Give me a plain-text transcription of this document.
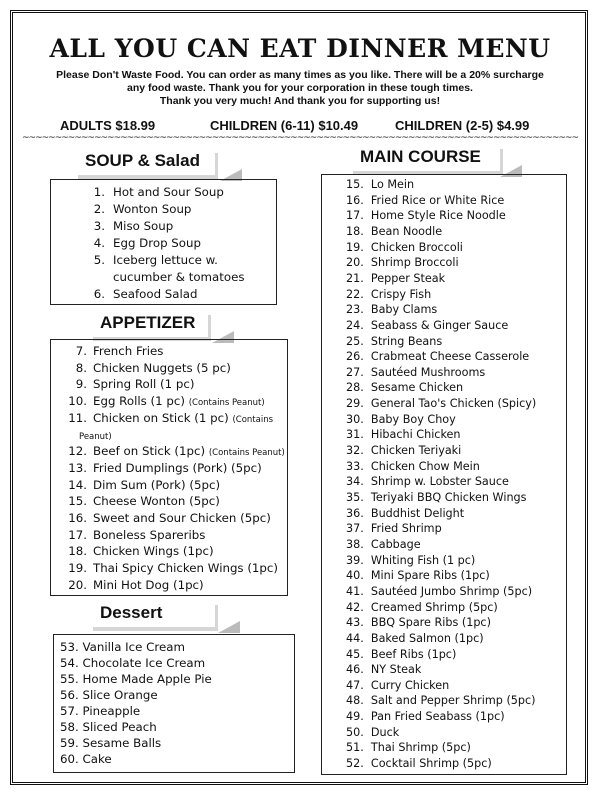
ALL YOU CAN EAT DINNER MENU
Please Don't Waste Food. You can order as many times as you like. There will be a 20% surcharge
any food waste. Thank you for your corporation in these tough times.
Thank you very much! And thank you for supporting us!
ADULTS $18.99	CHILDREN (6-11) $10.49	CHILDREN (2-5) $4.99
~~~~~~~~~~~~~~~~~~~~~~~~~~~~~~~~~~~~~~~~~~~~~~~~~~~~~~~~~~~~~~~~~~~~~~~~~~~~~~~~~~~~~
SOUP & Salad
1. Hot and Sour Soup
2. Wonton Soup
3. Miso Soup
4. Egg Drop Soup
5. Iceberg lettuce w.
cucumber & tomatoes
6. Seafood Salad
APPETIZER
7. French Fries
8. Chicken Nuggets (5 pc)
9. Spring Roll (1 pc)
10. Egg Rolls (1 pc) (Contains Peanut)
11. Chicken on Stick (1 pc) (Contains
Peanut)
12. Beef on Stick (1pc) (Contains Peanut)
13. Fried Dumplings (Pork) (5pc)
14. Dim Sum (Pork) (5pc)
15. Cheese Wonton (5pc)
16. Sweet and Sour Chicken (5pc)
17. Boneless Spareribs
18. Chicken Wings (1pc)
19. Thai Spicy Chicken Wings (1pc)
20. Mini Hot Dog (1pc)
Dessert
53. Vanilla Ice Cream
54. Chocolate Ice Cream
55. Home Made Apple Pie
56. Slice Orange
57. Pineapple
58. Sliced Peach
59. Sesame Balls
60. Cake
MAIN COURSE
15.  Lo Mein
16.  Fried Rice or White Rice
17.  Home Style Rice Noodle
18.  Bean Noodle
19.  Chicken Broccoli
20.  Shrimp Broccoli
21.  Pepper Steak
22.  Crispy Fish
23.  Baby Clams
24.  Seabass & Ginger Sauce
25.  String Beans
26.  Crabmeat Cheese Casserole
27.  Sautéed Mushrooms
28.  Sesame Chicken
29.  General Tao's Chicken (Spicy)
30.  Baby Boy Choy
31.  Hibachi Chicken
32.  Chicken Teriyaki
33.  Chicken Chow Mein
34.  Shrimp w. Lobster Sauce
35.  Teriyaki BBQ Chicken Wings
36.  Buddhist Delight
37.  Fried Shrimp
38.  Cabbage
39.  Whiting Fish (1 pc)
40.  Mini Spare Ribs (1pc)
41.  Sautéed Jumbo Shrimp (5pc)
42.  Creamed Shrimp (5pc)
43.  BBQ Spare Ribs (1pc)
44.  Baked Salmon (1pc)
45.  Beef Ribs (1pc)
46.  NY Steak
47.  Curry Chicken
48.  Salt and Pepper Shrimp (5pc)
49.  Pan Fried Seabass (1pc)
50.  Duck
51.  Thai Shrimp (5pc)
52.  Cocktail Shrimp (5pc)
